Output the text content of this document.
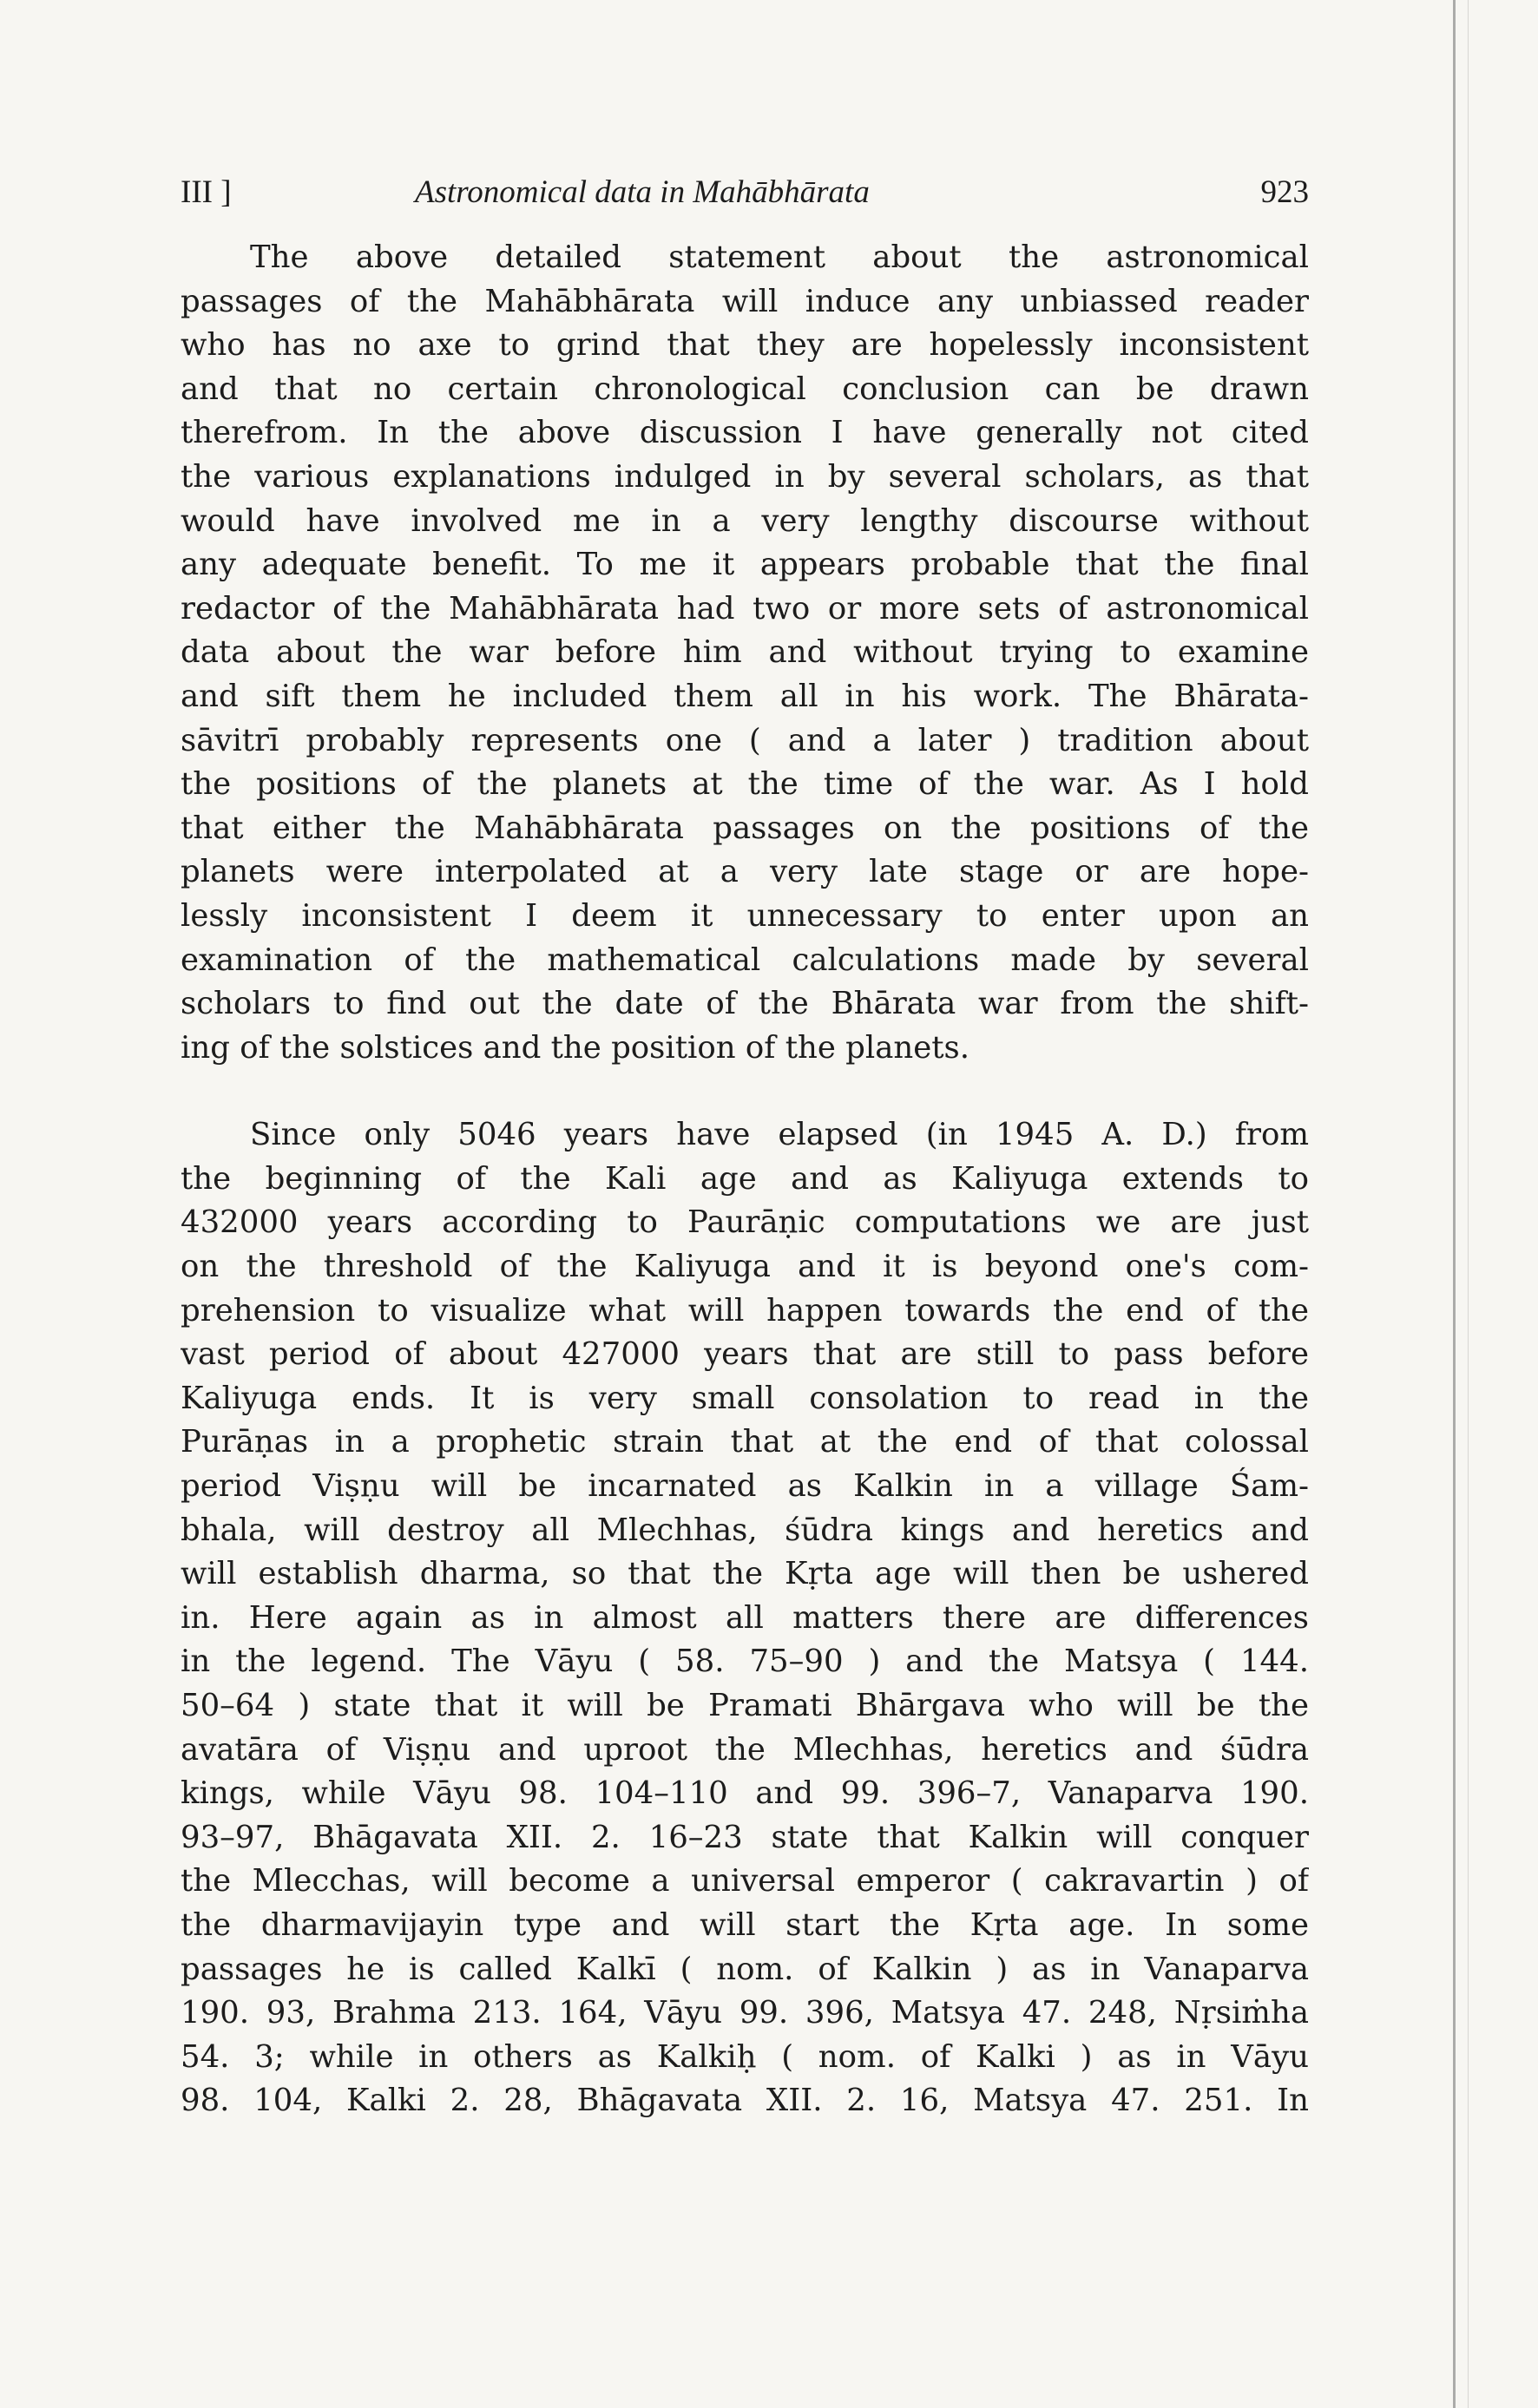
III ]	Astronomical data in Mahābhārata	923

The above detailed statement about the astronomical
passages of the Mahābhārata will induce any unbiassed reader
who has no axe to grind that they are hopelessly inconsistent
and that no certain chronological conclusion can be drawn
therefrom. In the above discussion I have generally not cited
the various explanations indulged in by several scholars, as that
would have involved me in a very lengthy discourse without
any adequate benefit. To me it appears probable that the final
redactor of the Mahābhārata had two or more sets of astronomical
data about the war before him and without trying to examine
and sift them he included them all in his work. The Bhārata-
sāvitrī probably represents one ( and a later ) tradition about
the positions of the planets at the time of the war. As I hold
that either the Mahābhārata passages on the positions of the
planets were interpolated at a very late stage or are hope-
lessly inconsistent I deem it unnecessary to enter upon an
examination of the mathematical calculations made by several
scholars to find out the date of the Bhārata war from the shift-
ing of the solstices and the position of the planets.

Since only 5046 years have elapsed (in 1945 A. D.) from
the beginning of the Kali age and as Kaliyuga extends to
432000 years according to Paurāṇic computations we are just
on the threshold of the Kaliyuga and it is beyond one's com-
prehension to visualize what will happen towards the end of the
vast period of about 427000 years that are still to pass before
Kaliyuga ends. It is very small consolation to read in the
Purāṇas in a prophetic strain that at the end of that colossal
period Viṣṇu will be incarnated as Kalkin in a village Śam-
bhala, will destroy all Mlechhas, śūdra kings and heretics and
will establish dharma, so that the Kṛta age will then be ushered
in. Here again as in almost all matters there are differences
in the legend. The Vāyu ( 58. 75–90 ) and the Matsya ( 144.
50–64 ) state that it will be Pramati Bhārgava who will be the
avatāra of Viṣṇu and uproot the Mlechhas, heretics and śūdra
kings, while Vāyu 98. 104–110 and 99. 396–7, Vanaparva 190.
93–97, Bhāgavata XII. 2. 16–23 state that Kalkin will conquer
the Mlecchas, will become a universal emperor ( cakravartin ) of
the dharmavijayin type and will start the Kṛta age. In some
passages he is called Kalkī ( nom. of Kalkin ) as in Vanaparva
190. 93, Brahma 213. 164, Vāyu 99. 396, Matsya 47. 248, Nṛsiṁha
54. 3; while in others as Kalkiḥ ( nom. of Kalki ) as in Vāyu
98. 104, Kalki 2. 28, Bhāgavata XII. 2. 16, Matsya 47. 251. In
